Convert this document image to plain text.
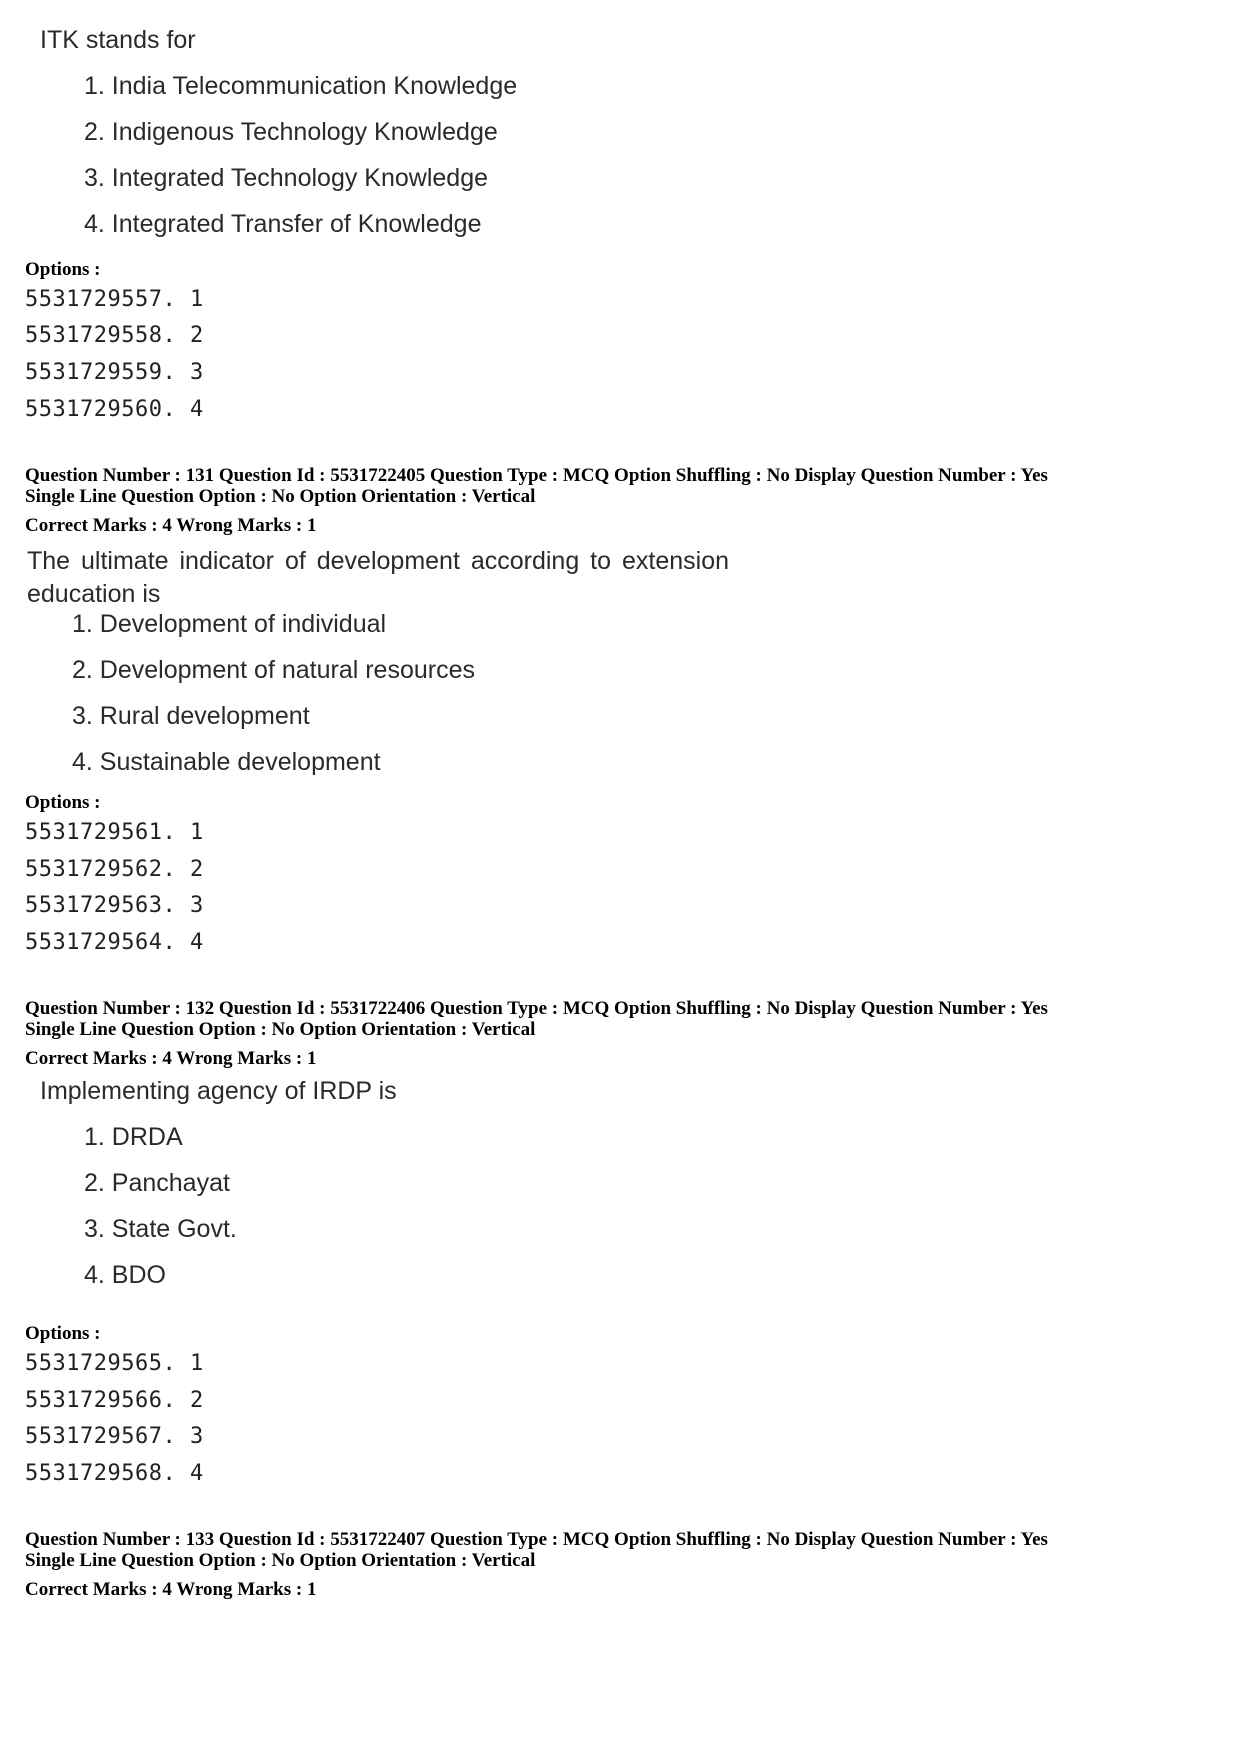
ITK stands for
1. India Telecommunication Knowledge
2. Indigenous Technology Knowledge
3. Integrated Technology Knowledge
4. Integrated Transfer of Knowledge
Options :
5531729557. 1
5531729558. 2
5531729559. 3
5531729560. 4
Question Number : 131 Question Id : 5531722405 Question Type : MCQ Option Shuffling : No Display Question Number : Yes
Single Line Question Option : No Option Orientation : Vertical
Correct Marks : 4 Wrong Marks : 1
The ultimate indicator of development according to extension
education is
1. Development of individual
2. Development of natural resources
3. Rural development
4. Sustainable development
Options :
5531729561. 1
5531729562. 2
5531729563. 3
5531729564. 4
Question Number : 132 Question Id : 5531722406 Question Type : MCQ Option Shuffling : No Display Question Number : Yes
Single Line Question Option : No Option Orientation : Vertical
Correct Marks : 4 Wrong Marks : 1
Implementing agency of IRDP is
1. DRDA
2. Panchayat
3. State Govt.
4. BDO
Options :
5531729565. 1
5531729566. 2
5531729567. 3
5531729568. 4
Question Number : 133 Question Id : 5531722407 Question Type : MCQ Option Shuffling : No Display Question Number : Yes
Single Line Question Option : No Option Orientation : Vertical
Correct Marks : 4 Wrong Marks : 1
